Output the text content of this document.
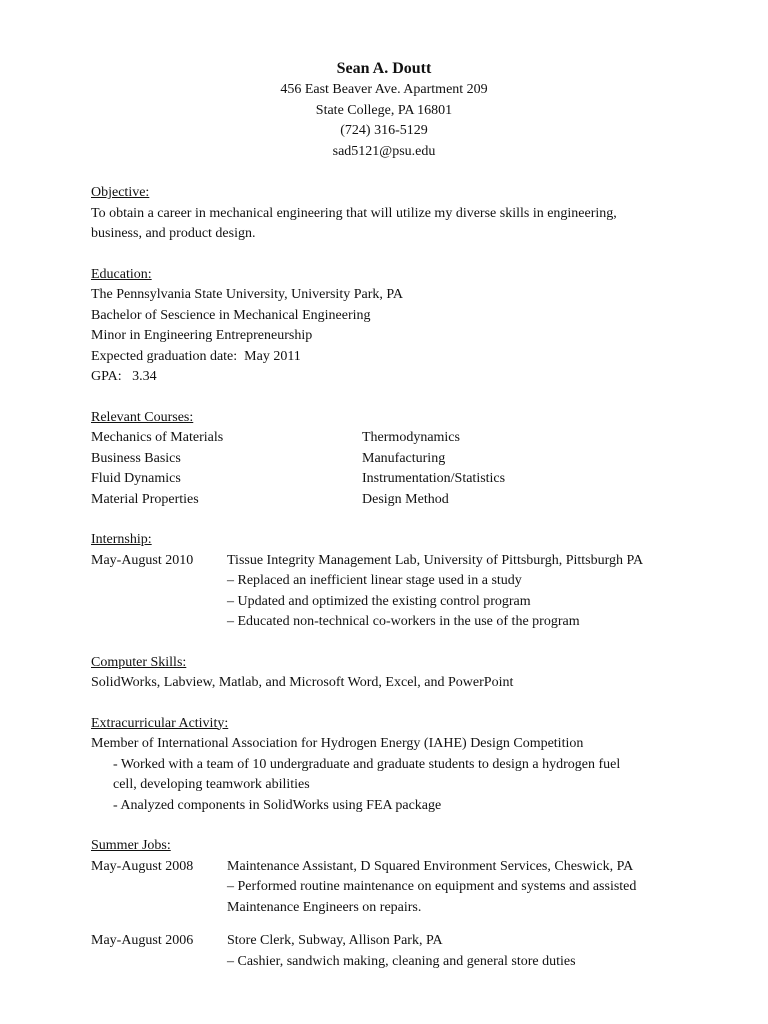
Sean A. Doutt
456 East Beaver Ave. Apartment 209
State College, PA 16801
(724) 316-5129
sad5121@psu.edu
Objective:
To obtain a career in mechanical engineering that will utilize my diverse skills in engineering,
business, and product design.
Education:
The Pennsylvania State University, University Park, PA
Bachelor of Sescience in Mechanical Engineering
Minor in Engineering Entrepreneurship
Expected graduation date:  May 2011
GPA:   3.34
Relevant Courses:
Mechanics of Materials	Thermodynamics
Business Basics	Manufacturing
Fluid Dynamics	Instrumentation/Statistics
Material Properties	Design Method
Internship:
May-August 2010	Tissue Integrity Management Lab, University of Pittsburgh, Pittsburgh PA
– Replaced an inefficient linear stage used in a study
– Updated and optimized the existing control program
– Educated non-technical co-workers in the use of the program
Computer Skills:
SolidWorks, Labview, Matlab, and Microsoft Word, Excel, and PowerPoint
Extracurricular Activity:
Member of International Association for Hydrogen Energy (IAHE) Design Competition
- Worked with a team of 10 undergraduate and graduate students to design a hydrogen fuel
cell, developing teamwork abilities
- Analyzed components in SolidWorks using FEA package
Summer Jobs:
May-August 2008	Maintenance Assistant, D Squared Environment Services, Cheswick, PA
– Performed routine maintenance on equipment and systems and assisted
Maintenance Engineers on repairs.
May-August 2006	Store Clerk, Subway, Allison Park, PA
– Cashier, sandwich making, cleaning and general store duties
